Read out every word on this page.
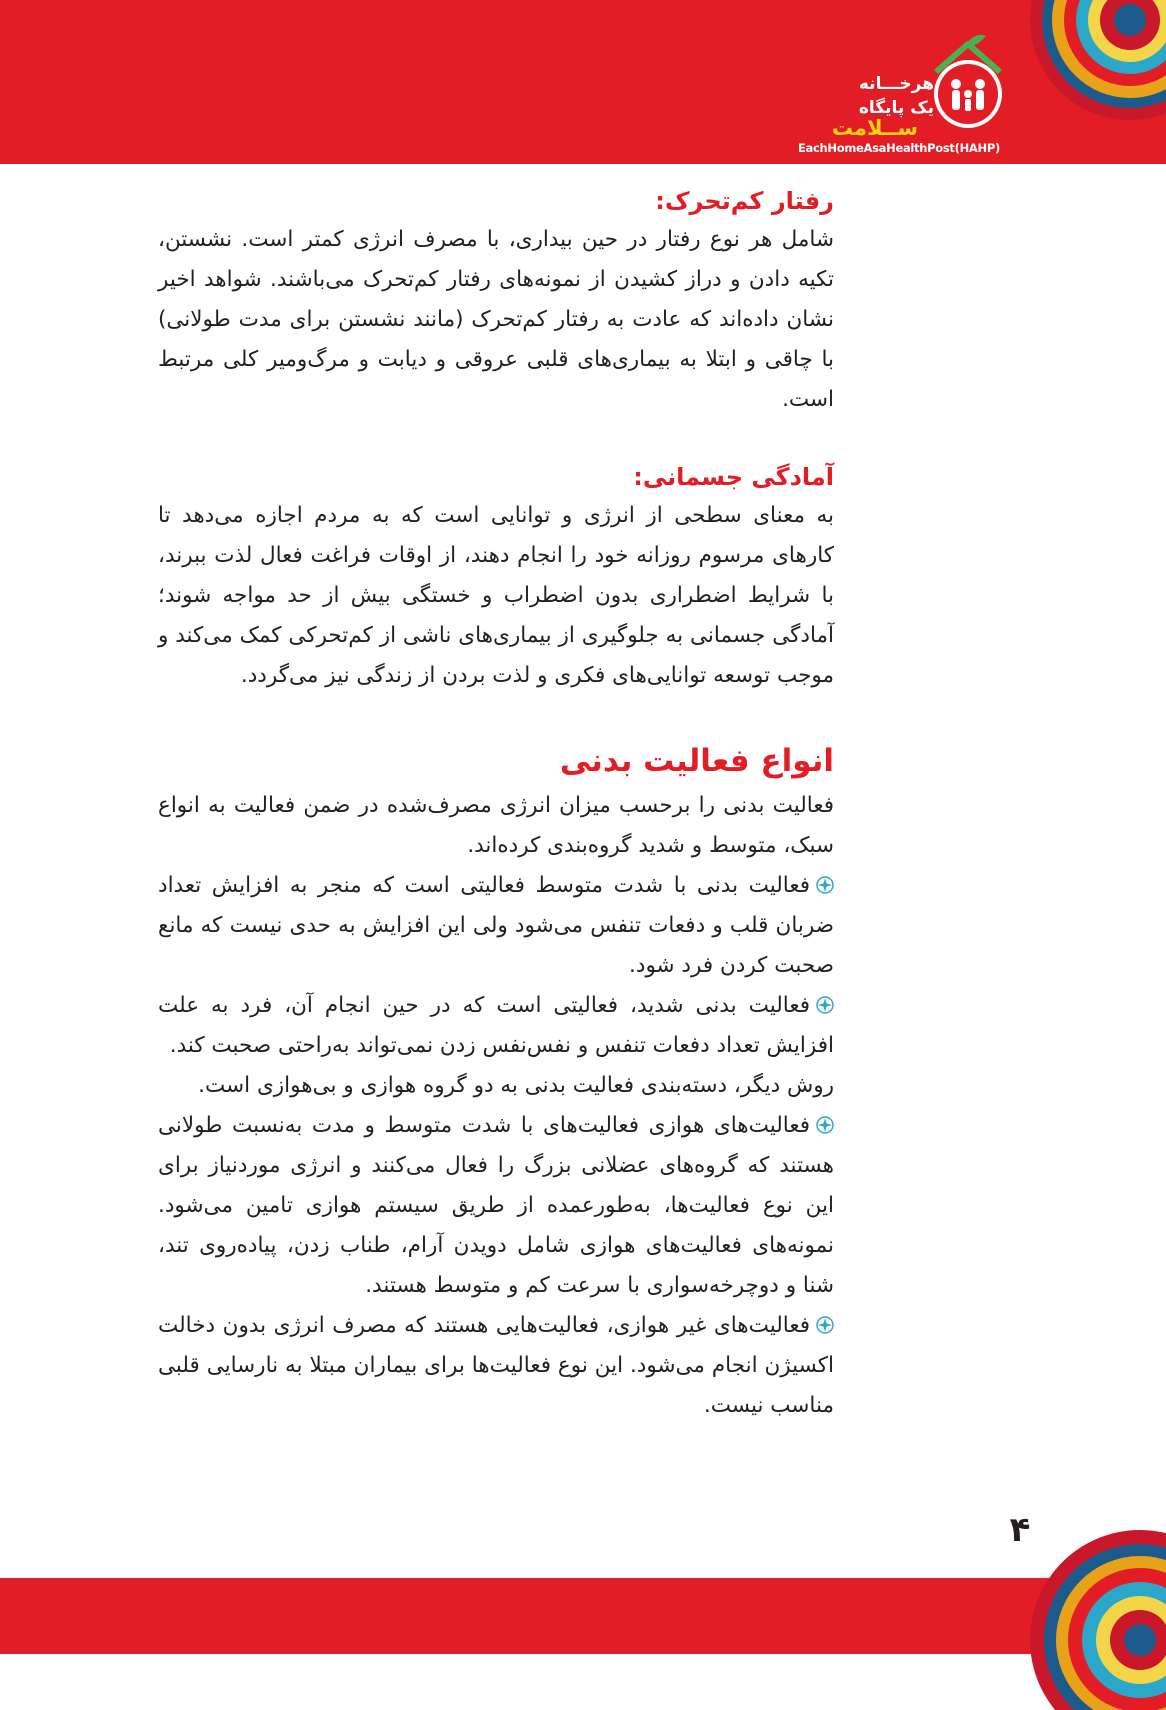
هرخـــانه
یک پایگاه
ســلامت
EachHomeAsaHealthPost(HAHP)

رفتار کم‌تحرک:

شامل هر نوع رفتار در حین بیداری، با مصرف انرژی کمتر است. نشستن، تکیه دادن و دراز کشیدن از نمونه‌های رفتار کم‌تحرک می‌باشند. شواهد اخیر نشان داده‌اند که عادت به رفتار کم‌تحرک (مانند نشستن برای مدت طولانی) با چاقی و ابتلا به بیماری‌های قلبی عروقی و دیابت و مرگ‌ومیر کلی مرتبط است.

آمادگی جسمانی:

به معنای سطحی از انرژی و توانایی است که به مردم اجازه می‌دهد تا کارهای مرسوم روزانه خود را انجام دهند، از اوقات فراغت فعال لذت ببرند، با شرایط اضطراری بدون اضطراب و خستگی بیش از حد مواجه شوند؛ آمادگی جسمانی به جلوگیری از بیماری‌های ناشی از کم‌تحرکی کمک می‌کند و موجب توسعه توانایی‌های فکری و لذت بردن از زندگی نیز می‌گردد.

انواع فعالیت بدنی

فعالیت بدنی را برحسب میزان انرژی مصرف‌شده در ضمن فعالیت به انواع سبک، متوسط و شدید گروه‌بندی کرده‌اند.

فعالیت بدنی با شدت متوسط فعالیتی است که منجر به افزایش تعداد ضربان قلب و دفعات تنفس می‌شود ولی این افزایش به حدی نیست که مانع صحبت کردن فرد شود.

فعالیت بدنی شدید، فعالیتی است که در حین انجام آن، فرد به علت افزایش تعداد دفعات تنفس و نفس‌نفس زدن نمی‌تواند به‌راحتی صحبت کند.

روش دیگر، دسته‌بندی فعالیت بدنی به دو گروه هوازی و بی‌هوازی است.

فعالیت‌های هوازی فعالیت‌های با شدت متوسط و مدت به‌نسبت طولانی هستند که گروه‌های عضلانی بزرگ را فعال می‌کنند و انرژی موردنیاز برای این نوع فعالیت‌ها، به‌طورعمده از طریق سیستم هوازی تامین می‌شود. نمونه‌های فعالیت‌های هوازی شامل دویدن آرام، طناب زدن، پیاده‌روی تند، شنا و دوچرخه‌سواری با سرعت کم و متوسط هستند.

فعالیت‌های غیر هوازی، فعالیت‌هایی هستند که مصرف انرژی بدون دخالت اکسیژن انجام می‌شود. این نوع فعالیت‌ها برای بیماران مبتلا به نارسایی قلبی مناسب نیست.

۴
